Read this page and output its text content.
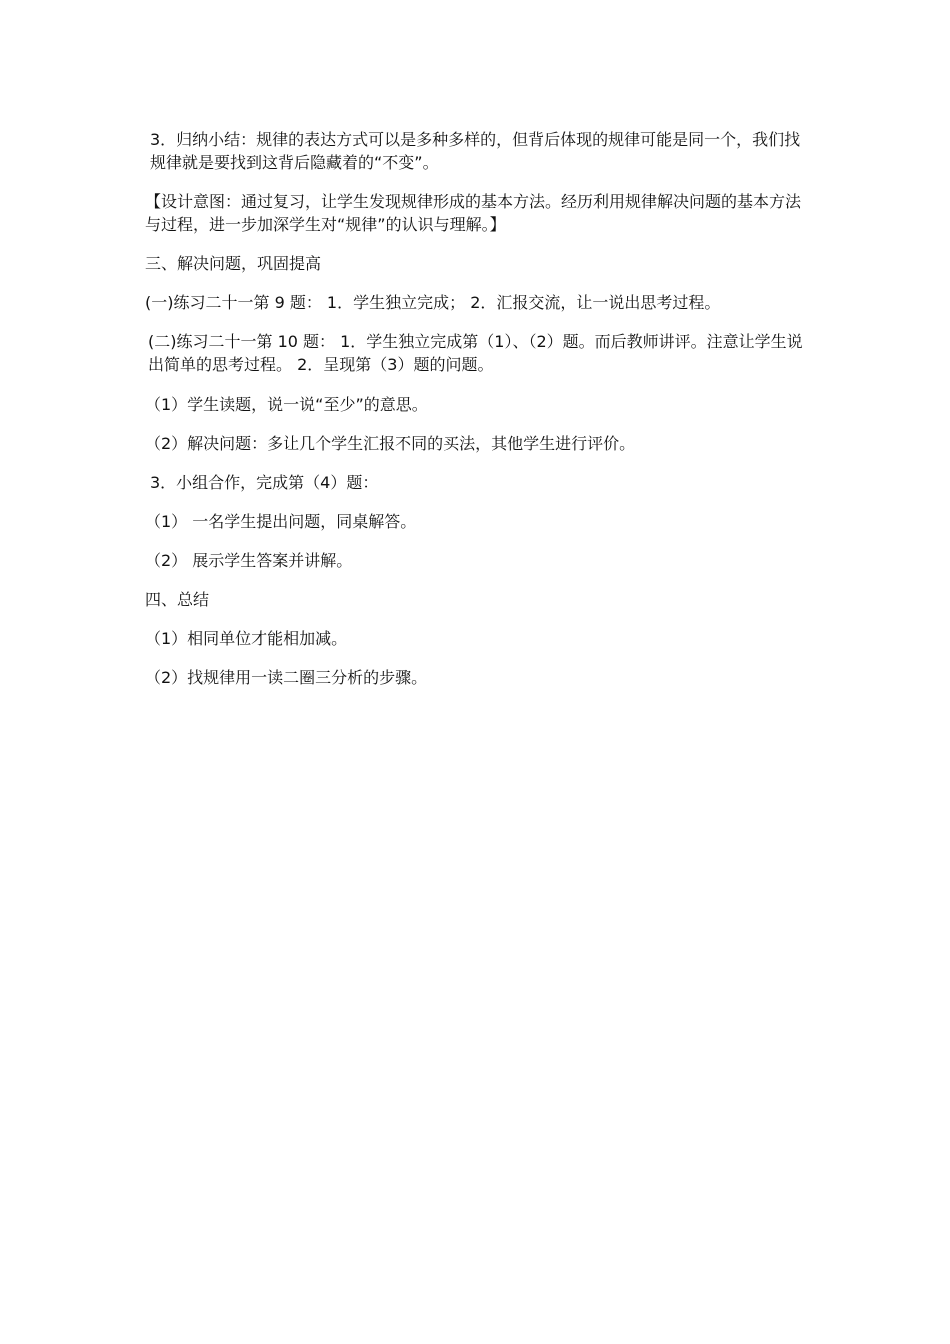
3．归纳小结：规律的表达方式可以是多种多样的，但背后体现的规律可能是同一个，我们找规律就是要找到这背后隐藏着的“不变”。
【设计意图：通过复习，让学生发现规律形成的基本方法。经历利用规律解决问题的基本方法与过程，进一步加深学生对“规律”的认识与理解。】
三、解决问题，巩固提高
(一)练习二十一第 9 题： 1．学生独立完成； 2．汇报交流，让一说出思考过程。
(二)练习二十一第 10 题： 1．学生独立完成第（1）、（2）题。而后教师讲评。注意让学生说出简单的思考过程。 2．呈现第（3）题的问题。
（1）学生读题，说一说“至少”的意思。
（2）解决问题：多让几个学生汇报不同的买法，其他学生进行评价。
3．小组合作，完成第（4）题：
（1） 一名学生提出问题，同桌解答。
（2） 展示学生答案并讲解。
四、总结
（1）相同单位才能相加减。
（2）找规律用一读二圈三分析的步骤。
